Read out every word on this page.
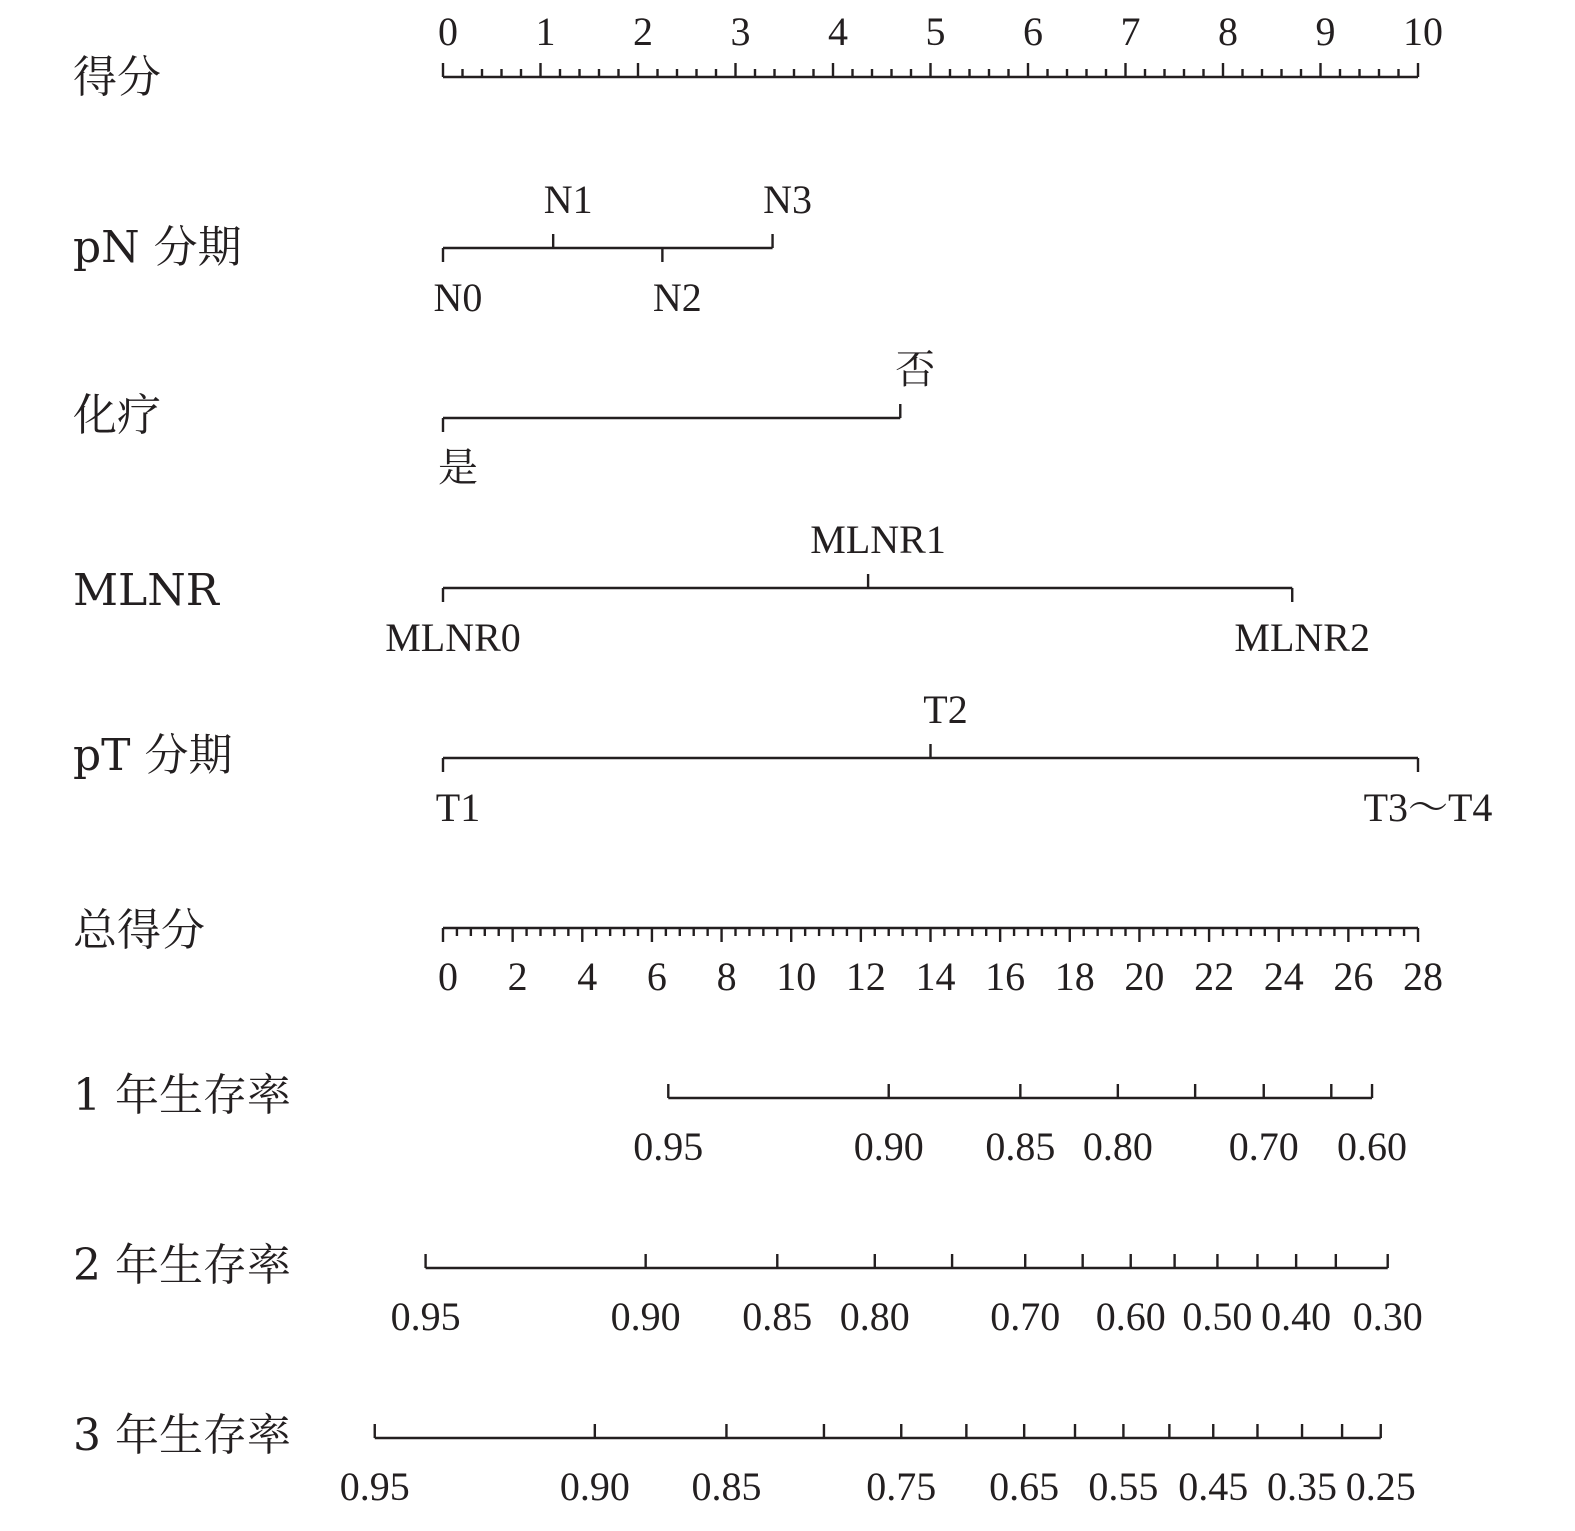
得分
pN 分期
化疗
MLNR
pT 分期
总得分
1 年生存率
2 年生存率
3 年生存率
0 1 2 3 4 5 6 7 8 9 10
N0
N1
N2
N3
是
否
MLNR0
MLNR1
MLNR2
T1
T2
T3～T4
0 2 4 6 8 10 12 14 16 18 20 22 24 26 28
0.95	0.90 0.85 0.80 0.70 0.60
0.95	0.90 0.85 0.80 0.70 0.60 0.50 0.40 0.30
0.95	0.90 0.85	0.75 0.65 0.55 0.45 0.35 0.25
